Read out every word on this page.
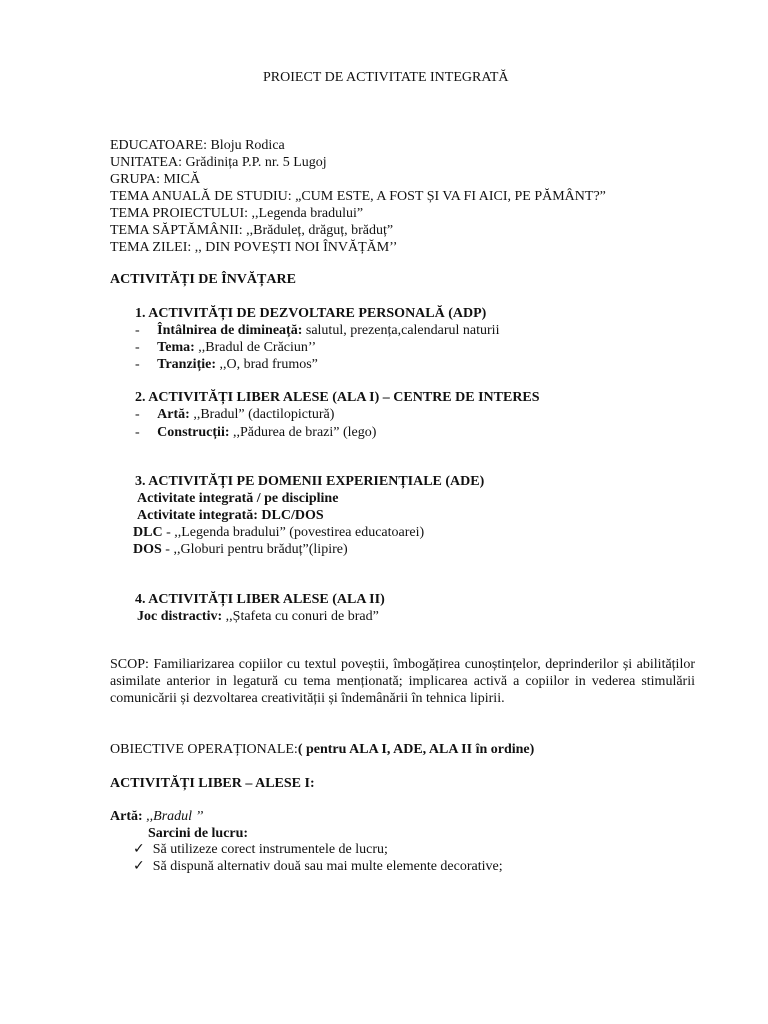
PROIECT DE ACTIVITATE INTEGRATĂ
EDUCATOARE: Bloju Rodica
UNITATEA: Grădinița P.P. nr. 5 Lugoj
GRUPA: MICĂ
TEMA ANUALĂ DE STUDIU: „CUM ESTE, A FOST ȘI VA FI AICI, PE PĂMÂNT?”
TEMA PROIECTULUI: ,,Legenda bradului”
TEMA SĂPTĂMÂNII: ,,Brăduleț, drăguț, brăduț”
TEMA ZILEI: ,, DIN POVEȘTI NOI ÎNVĂȚĂM’’
ACTIVITĂȚI DE ÎNVĂȚARE
1. ACTIVITĂȚI DE DEZVOLTARE PERSONALĂ (ADP)
-     Întâlnirea de dimineață: salutul, prezența,calendarul naturii
-     Tema: ,,Bradul de Crăciun’’
-     Tranziție: ,,O, brad frumos”
2. ACTIVITĂȚI LIBER ALESE (ALA I) – CENTRE DE INTERES
-     Artă: ,,Bradul” (dactilopictură)
-     Construcții: ,,Pădurea de brazi” (lego)
3. ACTIVITĂȚI PE DOMENII EXPERIENȚIALE (ADE)
Activitate integrată / pe discipline
Activitate integrată: DLC/DOS
DLC - ,,Legenda bradului” (povestirea educatoarei)
DOS - ,,Globuri pentru brăduț”(lipire)
4. ACTIVITĂȚI LIBER ALESE (ALA II)
Joc distractiv: ,,Ștafeta cu conuri de brad”
SCOP: Familiarizarea copiilor cu textul poveștii, îmbogățirea cunoștințelor, deprinderilor și abilităților asimilate anterior in legatură cu tema menționată; implicarea activă a copiilor in vederea stimulării comunicării și dezvoltarea creativității și îndemânării în tehnica lipirii.
OBIECTIVE OPERAȚIONALE:( pentru ALA I, ADE, ALA II în ordine)
ACTIVITĂȚI LIBER – ALESE I:
Artă: ,,Bradul ’’
Sarcini de lucru:
✓ Să utilizeze corect instrumentele de lucru;
✓ Să dispună alternativ două sau mai multe elemente decorative;
